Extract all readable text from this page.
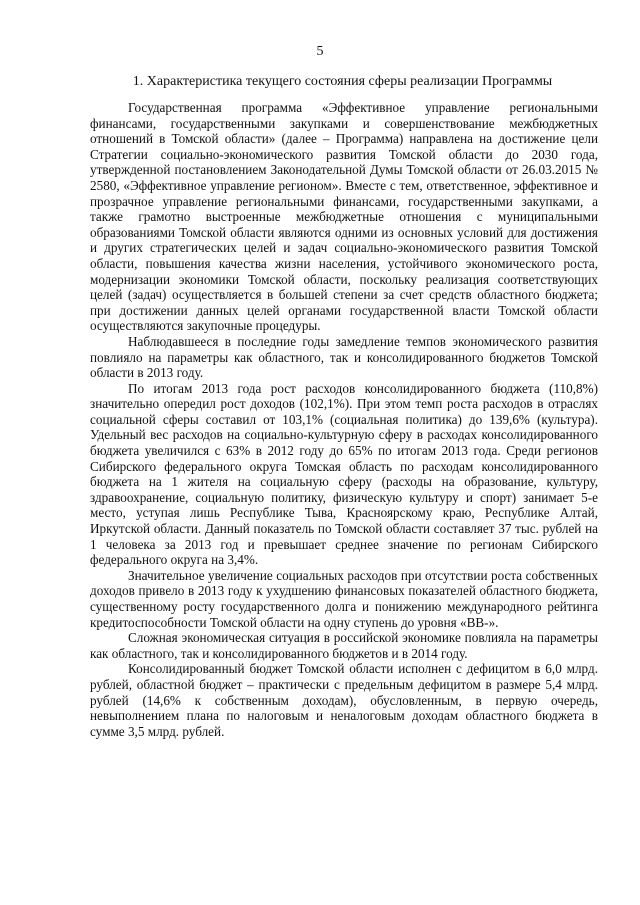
5
1. Характеристика текущего состояния сферы реализации Программы

Государственная программа «Эффективное управление региональными финансами, государственными закупками и совершенствование межбюджетных отношений в Томской области» (далее – Программа) направлена на достижение цели Стратегии социально-экономического развития Томской области до 2030 года, утвержденной постановлением Законодательной Думы Томской области от 26.03.2015 № 2580, «Эффективное управление регионом». Вместе с тем, ответственное, эффективное и прозрачное управление региональными финансами, государственными закупками, а также грамотно выстроенные межбюджетные отношения с муниципальными образованиями Томской области являются одними из основных условий для достижения и других стратегических целей и задач социально-экономического развития Томской области, повышения качества жизни населения, устойчивого экономического роста, модернизации экономики Томской области, поскольку реализация соответствующих целей (задач) осуществляется в большей степени за счет средств областного бюджета; при достижении данных целей органами государственной власти Томской области осуществляются закупочные процедуры.

Наблюдавшееся в последние годы замедление темпов экономического развития повлияло на параметры как областного, так и консолидированного бюджетов Томской области в 2013 году.

По итогам 2013 года рост расходов консолидированного бюджета (110,8%) значительно опередил рост доходов (102,1%). При этом темп роста расходов в отраслях социальной сферы составил от 103,1% (социальная политика) до 139,6% (культура). Удельный вес расходов на социально-культурную сферу в расходах консолидированного бюджета увеличился с 63% в 2012 году до 65% по итогам 2013 года. Среди регионов Сибирского федерального округа Томская область по расходам консолидированного бюджета на 1 жителя на социальную сферу (расходы на образование, культуру, здравоохранение, социальную политику, физическую культуру и спорт) занимает 5-е место, уступая лишь Республике Тыва, Красноярскому краю, Республике Алтай, Иркутской области. Данный показатель по Томской области составляет 37 тыс. рублей на 1 человека за 2013 год и превышает среднее значение по регионам Сибирского федерального округа на 3,4%.

Значительное увеличение социальных расходов при отсутствии роста собственных доходов привело в 2013 году к ухудшению финансовых показателей областного бюджета, существенному росту государственного долга и понижению международного рейтинга кредитоспособности Томской области на одну ступень до уровня «ВВ-».

Сложная экономическая ситуация в российской экономике повлияла на параметры как областного, так и консолидированного бюджетов и в 2014 году.

Консолидированный бюджет Томской области исполнен с дефицитом в 6,0 млрд. рублей, областной бюджет – практически с предельным дефицитом в размере 5,4 млрд. рублей (14,6% к собственным доходам), обусловленным, в первую очередь, невыполнением плана по налоговым и неналоговым доходам областного бюджета в сумме 3,5 млрд. рублей.
